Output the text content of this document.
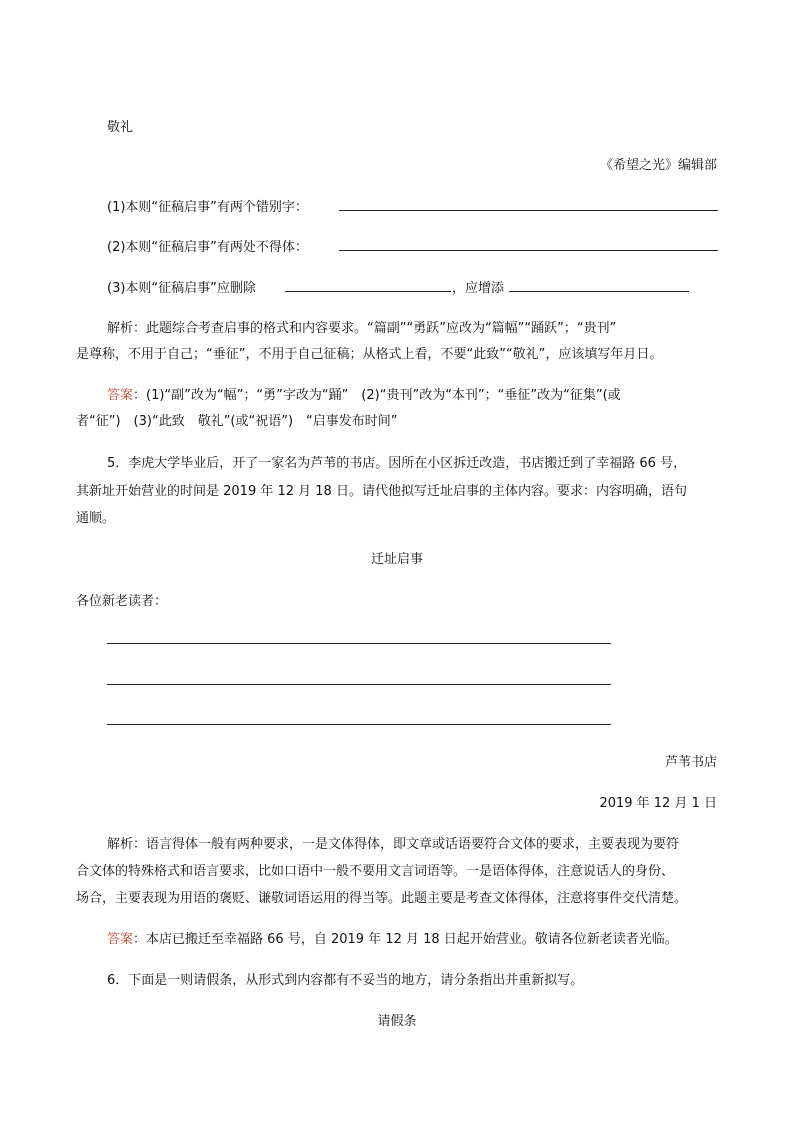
敬礼
《希望之光》编辑部
(1)本则“征稿启事”有两个错别字：
(2)本则“征稿启事”有两处不得体：
(3)本则“征稿启事”应删除	，应增添
解析：此题综合考查启事的格式和内容要求。“篇副”“勇跃”应改为“篇幅”“踊跃”；“贵刊”
是尊称，不用于自己；“垂征”，不用于自己征稿；从格式上看，不要“此致”“敬礼”，应该填写年月日。
答案：(1)“副”改为“幅”；“勇”字改为“踊”　(2)“贵刊”改为“本刊”；“垂征”改为“征集”(或
者“征”)　(3)“此致　敬礼”(或“祝语”)　“启事发布时间”
5．李虎大学毕业后，开了一家名为芦苇的书店。因所在小区拆迁改造，书店搬迁到了幸福路 66 号，
其新址开始营业的时间是 2019 年 12 月 18 日。请代他拟写迁址启事的主体内容。要求：内容明确，语句
通顺。
迁址启事
各位新老读者：
芦苇书店
2019 年 12 月 1 日
解析：语言得体一般有两种要求，一是文体得体，即文章或话语要符合文体的要求，主要表现为要符
合文体的特殊格式和语言要求，比如口语中一般不要用文言词语等。一是语体得体，注意说话人的身份、
场合，主要表现为用语的褒贬、谦敬词语运用的得当等。此题主要是考查文体得体，注意将事件交代清楚。
答案：本店已搬迁至幸福路 66 号，自 2019 年 12 月 18 日起开始营业。敬请各位新老读者光临。
6．下面是一则请假条，从形式到内容都有不妥当的地方，请分条指出并重新拟写。
请假条
